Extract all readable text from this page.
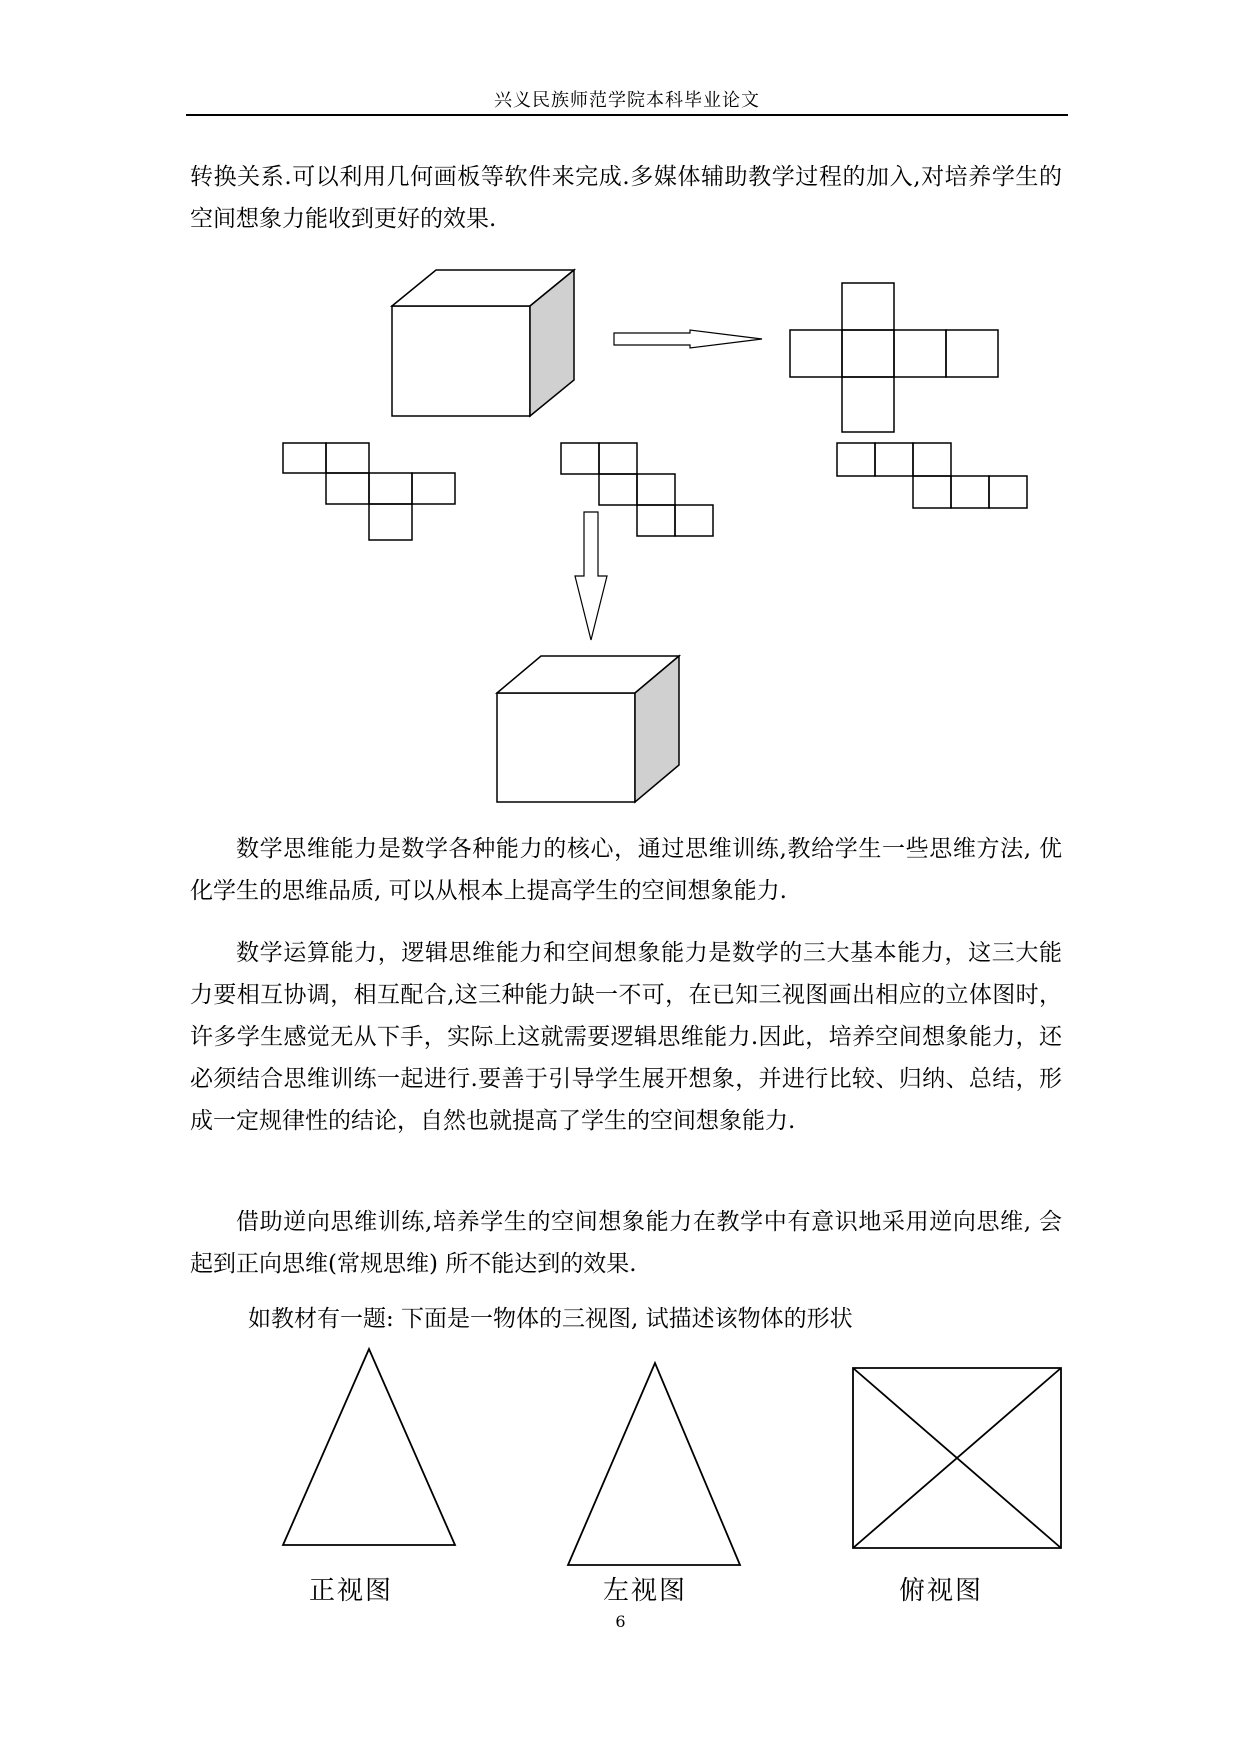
兴义民族师范学院本科毕业论文

转换关系.可以利用几何画板等软件来完成.多媒体辅助教学过程的加入,对培养学生的空间想象力能收到更好的效果.

数学思维能力是数学各种能力的核心，通过思维训练,教给学生一些思维方法, 优化学生的思维品质, 可以从根本上提高学生的空间想象能力.

数学运算能力，逻辑思维能力和空间想象能力是数学的三大基本能力，这三大能力要相互协调，相互配合,这三种能力缺一不可，在已知三视图画出相应的立体图时，许多学生感觉无从下手，实际上这就需要逻辑思维能力.因此，培养空间想象能力，还必须结合思维训练一起进行.要善于引导学生展开想象，并进行比较、归纳、总结，形成一定规律性的结论，自然也就提高了学生的空间想象能力.

借助逆向思维训练,培养学生的空间想象能力在教学中有意识地采用逆向思维, 会起到正向思维(常规思维) 所不能达到的效果.

如教材有一题: 下面是一物体的三视图, 试描述该物体的形状

正视图	左视图	俯视图
6
